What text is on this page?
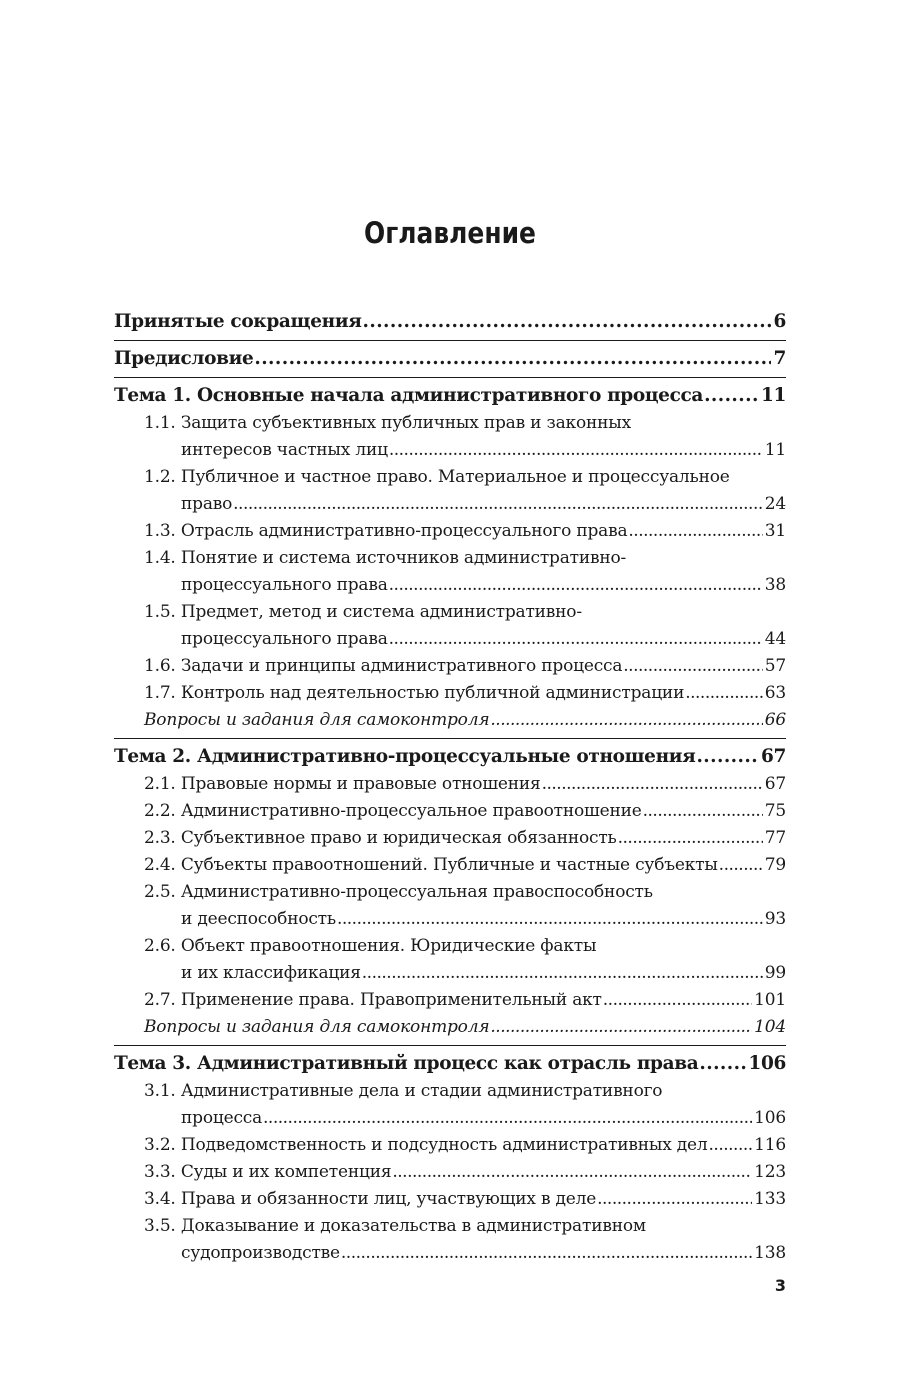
Оглавление
Принятые сокращения .....	6
Предисловие .....	7
Тема 1. Основные начала административного процесса .....	11
1.1. Защита субъективных публичных прав и законных
интересов частных лиц .....	11
1.2. Публичное и частное право. Материальное и процессуальное
право .....	24
1.3. Отрасль административно-процессуального права .....	31
1.4. Понятие и система источников административно-
процессуального права .....	38
1.5. Предмет, метод и система административно-
процессуального права .....	44
1.6. Задачи и принципы административного процесса .....	57
1.7. Контроль над деятельностью публичной администрации .....	63
Вопросы и задания для самоконтроля .....	66
Тема 2. Административно-процессуальные отношения .....	67
2.1. Правовые нормы и правовые отношения .....	67
2.2. Административно-процессуальное правоотношение .....	75
2.3. Субъективное право и юридическая обязанность .....	77
2.4. Субъекты правоотношений. Публичные и частные субъекты .....	79
2.5. Административно-процессуальная правоспособность
и дееспособность .....	93
2.6. Объект правоотношения. Юридические факты
и их классификация .....	99
2.7. Применение права. Правоприменительный акт .....	101
Вопросы и задания для самоконтроля .....	104
Тема 3. Административный процесс как отрасль права .....	106
3.1. Административные дела и стадии административного
процесса .....	106
3.2. Подведомственность и подсудность административных дел .....	116
3.3. Суды и их компетенция .....	123
3.4. Права и обязанности лиц, участвующих в деле .....	133
3.5. Доказывание и доказательства в административном
судопроизводстве .....	138
3
